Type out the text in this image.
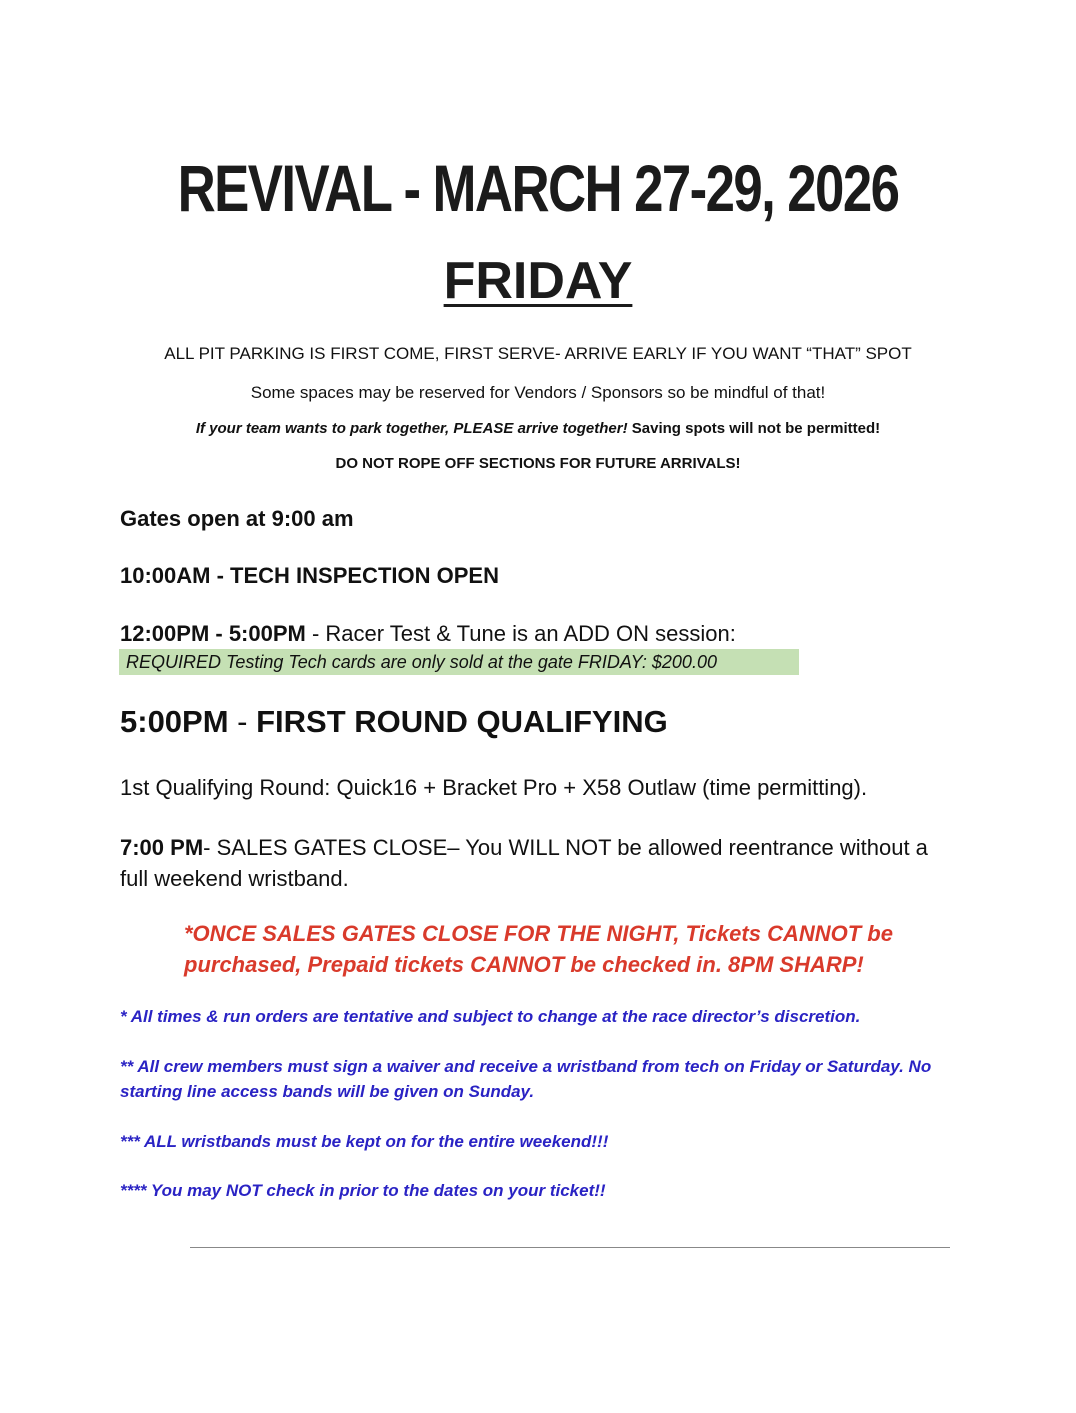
REVIVAL - MARCH 27-29, 2026
FRIDAY
ALL PIT PARKING IS FIRST COME, FIRST SERVE- ARRIVE EARLY IF YOU WANT “THAT” SPOT
Some spaces may be reserved for Vendors / Sponsors so be mindful of that!
If your team wants to park together, PLEASE arrive together! Saving spots will not be permitted!
DO NOT ROPE OFF SECTIONS FOR FUTURE ARRIVALS!
Gates open at 9:00 am
10:00AM - TECH INSPECTION OPEN
12:00PM - 5:00PM - Racer Test & Tune is an ADD ON session:
REQUIRED Testing Tech cards are only sold at the gate FRIDAY: $200.00
5:00PM - FIRST ROUND QUALIFYING
1st Qualifying Round: Quick16 + Bracket Pro + X58 Outlaw (time permitting).
7:00 PM- SALES GATES CLOSE– You WILL NOT be allowed reentrance without a full weekend wristband.
*ONCE SALES GATES CLOSE FOR THE NIGHT, Tickets CANNOT be purchased, Prepaid tickets CANNOT be checked in. 8PM SHARP!
* All times & run orders are tentative and subject to change at the race director’s discretion.
** All crew members must sign a waiver and receive a wristband from tech on Friday or Saturday. No starting line access bands will be given on Sunday.
*** ALL wristbands must be kept on for the entire weekend!!!
**** You may NOT check in prior to the dates on your ticket!!
